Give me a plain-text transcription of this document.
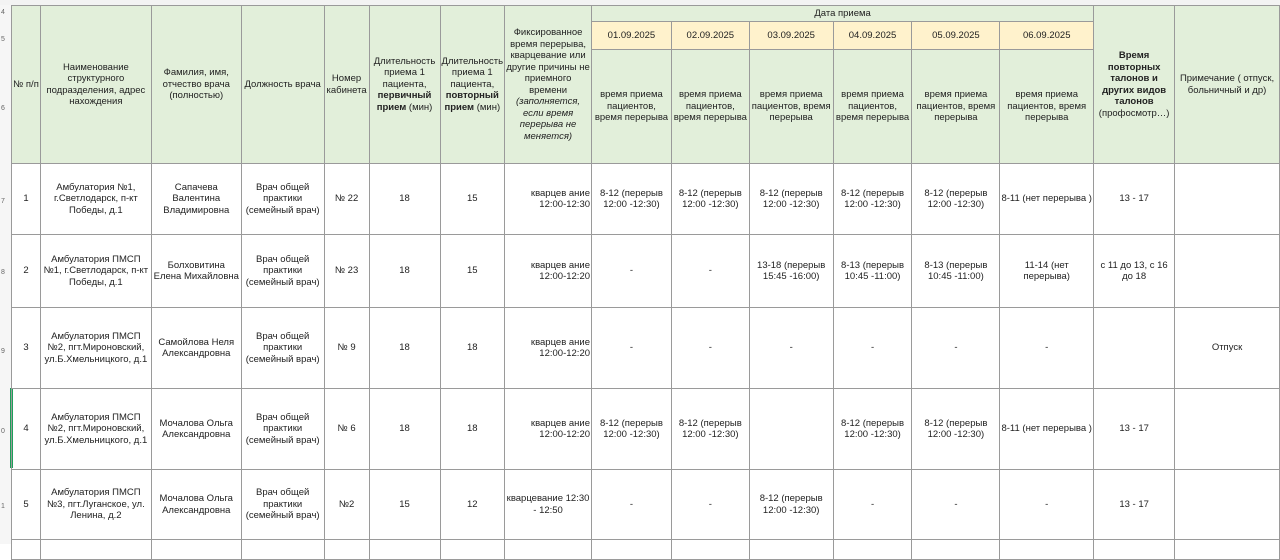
4
5
6
7
8
9
0
1
№ п/п	Наименование структурного подразделения, адрес нахождения	Фамилия, имя, отчество врача (полностью)	Должность врача	Номер кабинета	Длительность приема 1 пациента, первичный прием (мин)	Длительность приема 1 пациента, повторный прием (мин)	Фиксированное время перерыва, кварцевание или другие причины не приемного времени (заполняется, если время перерыва не меняется)	Дата приема						Время повторных талонов и других видов талонов (профосмотр…)	Примечание ( отпуск, больничный и др)
								01.09.2025	02.09.2025	03.09.2025	04.09.2025	05.09.2025	06.09.2025		
								время приема пациентов, время перерыва	время приема пациентов, время перерыва	время приема пациентов, время перерыва	время приема пациентов, время перерыва	время приема пациентов, время перерыва	время приема пациентов, время перерыва		
1	Амбулатория №1, г.Светлодарск, п-кт Победы, д.1	Сапачева Валентина Владимировна	Врач общей практики (семейный врач)	№ 22	18	15	кварцев ание 12:00-12:30	8-12 (перерыв 12:00 -12:30)	8-12 (перерыв 12:00 -12:30)	8-12 (перерыв 12:00 -12:30)	8-12 (перерыв 12:00 -12:30)	8-12 (перерыв 12:00 -12:30)	8-11 (нет перерыва )	13 - 17	
2	Амбулатория ПМСП №1, г.Светлодарск, п-кт Победы, д.1	Болховитина Елена Михайловна	Врач общей практики (семейный врач)	№ 23	18	15	кварцев ание 12:00-12:20	-	-	13-18 (перерыв 15:45 -16:00)	8-13 (перерыв 10:45 -11:00)	8-13 (перерыв 10:45 -11:00)	11-14 (нет перерыва)	с 11 до 13, с 16 до 18	
3	Амбулатория ПМСП №2, пгт.Мироновский, ул.Б.Хмельницкого, д.1	Самойлова Неля Александровна	Врач общей практики (семейный врач)	№ 9	18	18	кварцев ание 12:00-12:20	-	-	-	-	-	-		Отпуск
4	Амбулатория ПМСП №2, пгт.Мироновский, ул.Б.Хмельницкого, д.1	Мочалова Ольга Александровна	Врач общей практики (семейный врач)	№ 6	18	18	кварцев ание 12:00-12:20	8-12 (перерыв 12:00 -12:30)	8-12 (перерыв 12:00 -12:30)		8-12 (перерыв 12:00 -12:30)	8-12 (перерыв 12:00 -12:30)	8-11 (нет перерыва )	13 - 17	
5	Амбулатория ПМСП №3, пгт.Луганское, ул. Ленина, д.2	Мочалова Ольга Александровна	Врач общей практики (семейный врач)	№2	15	12	кварцевание 12:30 - 12:50	-	-	8-12 (перерыв 12:00 -12:30)	-	-	-	13 - 17	
